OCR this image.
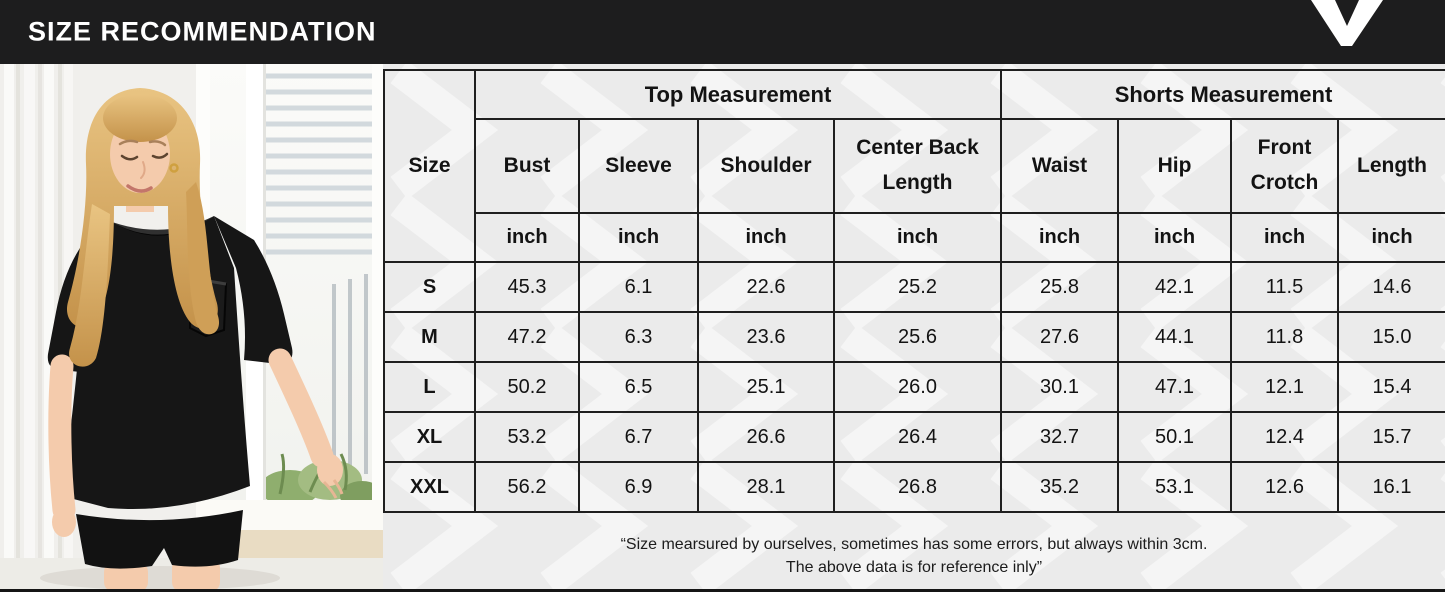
SIZE RECOMMENDATION
Size	Top Measurement				Shorts Measurement			
	Bust	Sleeve	Shoulder	Center Back Length	Waist	Hip	Front Crotch	Length
	inch	inch	inch	inch	inch	inch	inch	inch
S	45.3	6.1	22.6	25.2	25.8	42.1	11.5	14.6
M	47.2	6.3	23.6	25.6	27.6	44.1	11.8	15.0
L	50.2	6.5	25.1	26.0	30.1	47.1	12.1	15.4
XL	53.2	6.7	26.6	26.4	32.7	50.1	12.4	15.7
XXL	56.2	6.9	28.1	26.8	35.2	53.1	12.6	16.1
“Size mearsured by ourselves, sometimes has some errors, but always within 3cm.
The above data is for reference inly”
